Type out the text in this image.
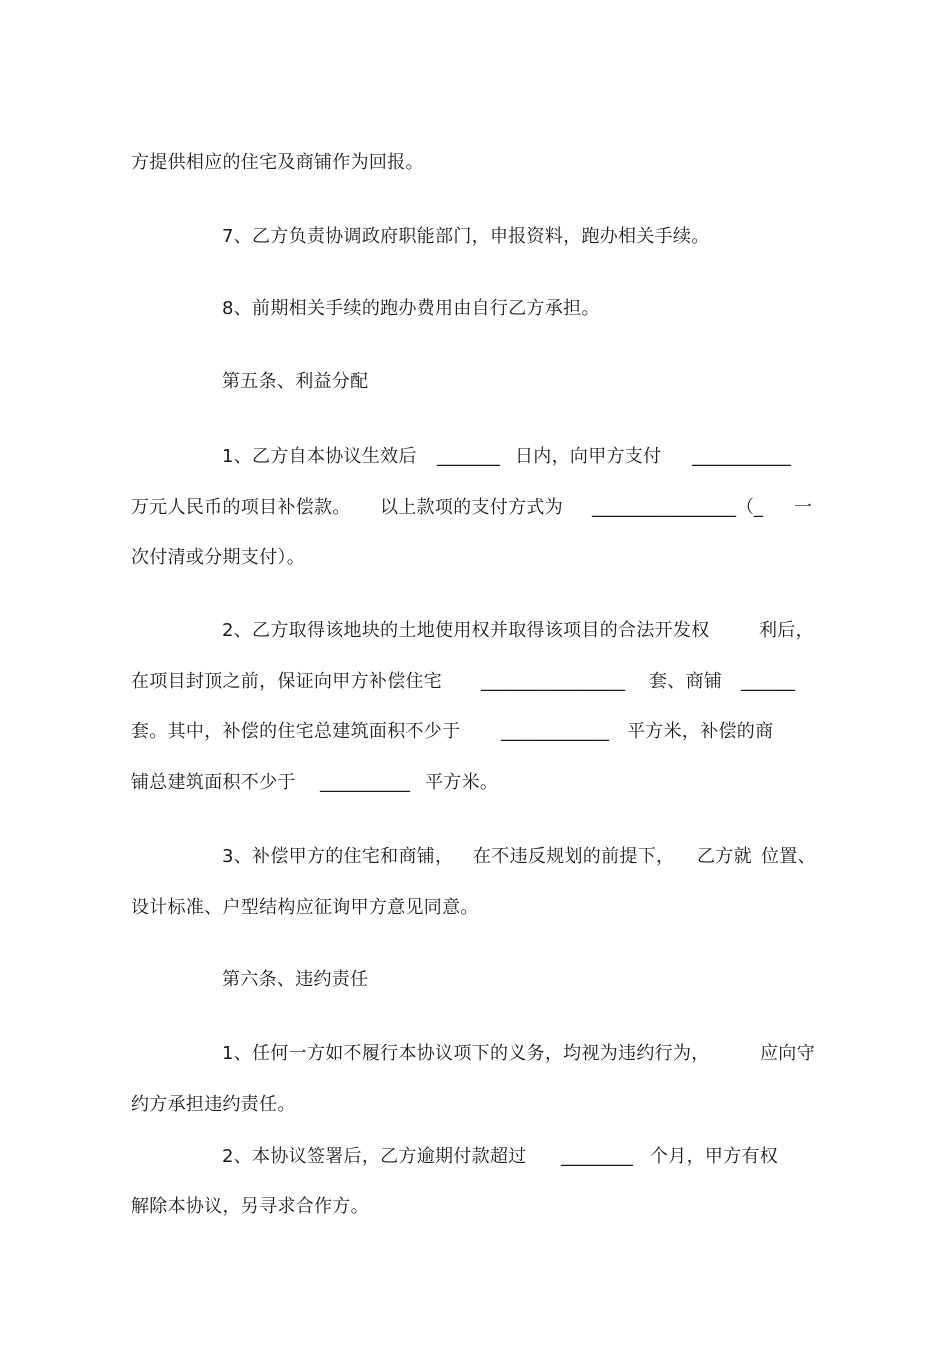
方提供相应的住宅及商铺作为回报。
7、乙方负责协调政府职能部门，申报资料，跑办相关手续。
8、前期相关手续的跑办费用由自行乙方承担。
第五条、利益分配
1、乙方自本协议生效后 _______ 日内，向甲方支付 ___________
万元人民币的项目补偿款。 以上款项的支付方式为 ________________（_ 一
次付清或分期支付）。
2、乙方取得该地块的土地使用权并取得该项目的合法开发权	利后，
在项目封顶之前，保证向甲方补偿住宅 ________________ 套、商铺 ______
套。其中，补偿的住宅总建筑面积不少于 ____________ 平方米，补偿的商
铺总建筑面积不少于 __________ 平方米。
3、补偿甲方的住宅和商铺， 在不违反规划的前提下， 乙方就 位置、
设计标准、户型结构应征询甲方意见同意。
第六条、违约责任
1、任何一方如不履行本协议项下的义务，均视为违约行为，	应向守
约方承担违约责任。
2、本协议签署后，乙方逾期付款超过 ________ 个月，甲方有权
解除本协议，另寻求合作方。
